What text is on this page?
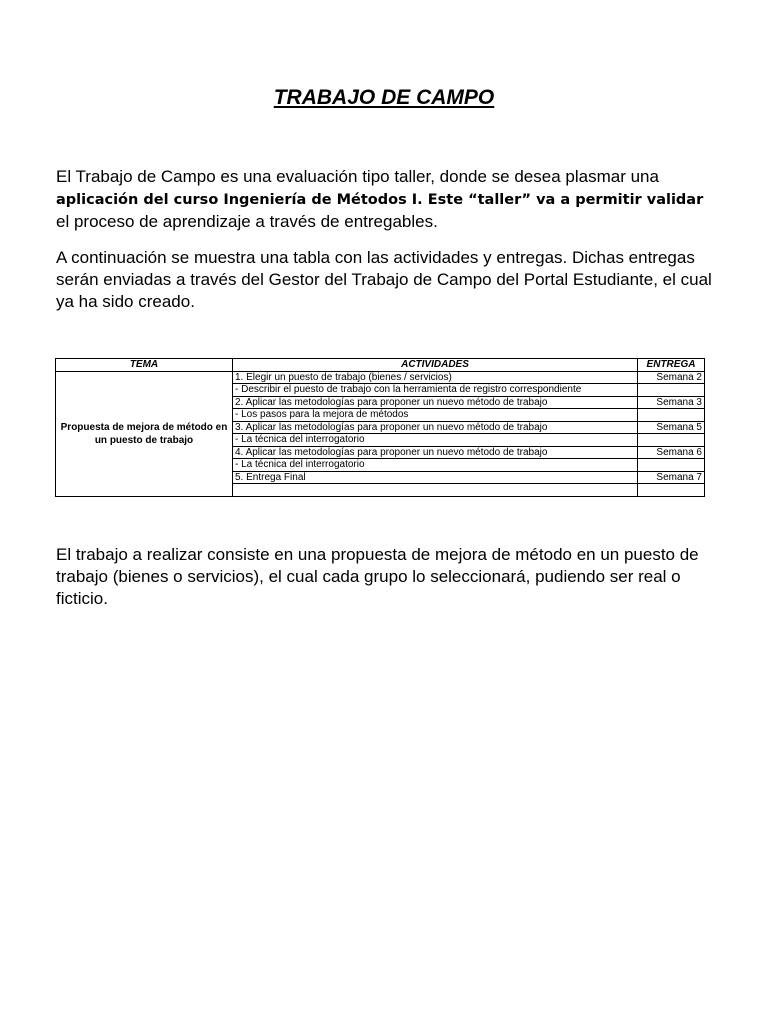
TRABAJO DE CAMPO

El Trabajo de Campo es una evaluación tipo taller, donde se desea plasmar una aplicación del curso Ingeniería de Métodos I. Este “taller” va a permitir validar el proceso de aprendizaje a través de entregables.

A continuación se muestra una tabla con las actividades y entregas. Dichas entregas serán enviadas a través del Gestor del Trabajo de Campo del Portal Estudiante, el cual ya ha sido creado.

TEMA	ACTIVIDADES	ENTREGA
Propuesta de mejora de método en un puesto de trabajo	1. Elegir un puesto de trabajo (bienes / servicios)	Semana 2
	- Describir el puesto de trabajo con la herramienta de registro correspondiente	
	2. Aplicar las metodologías para proponer un nuevo método de trabajo	Semana 3
	- Los pasos para la mejora de métodos	
	3. Aplicar las metodologías para proponer un nuevo método de trabajo	Semana 5
	- La técnica del interrogatorio	
	4. Aplicar las metodologías para proponer un nuevo método de trabajo	Semana 6
	- La técnica del interrogatorio	
	5. Entrega Final	Semana 7

El trabajo a realizar consiste en una propuesta de mejora de método en un puesto de trabajo (bienes o servicios), el cual cada grupo lo seleccionará, pudiendo ser real o ficticio.
